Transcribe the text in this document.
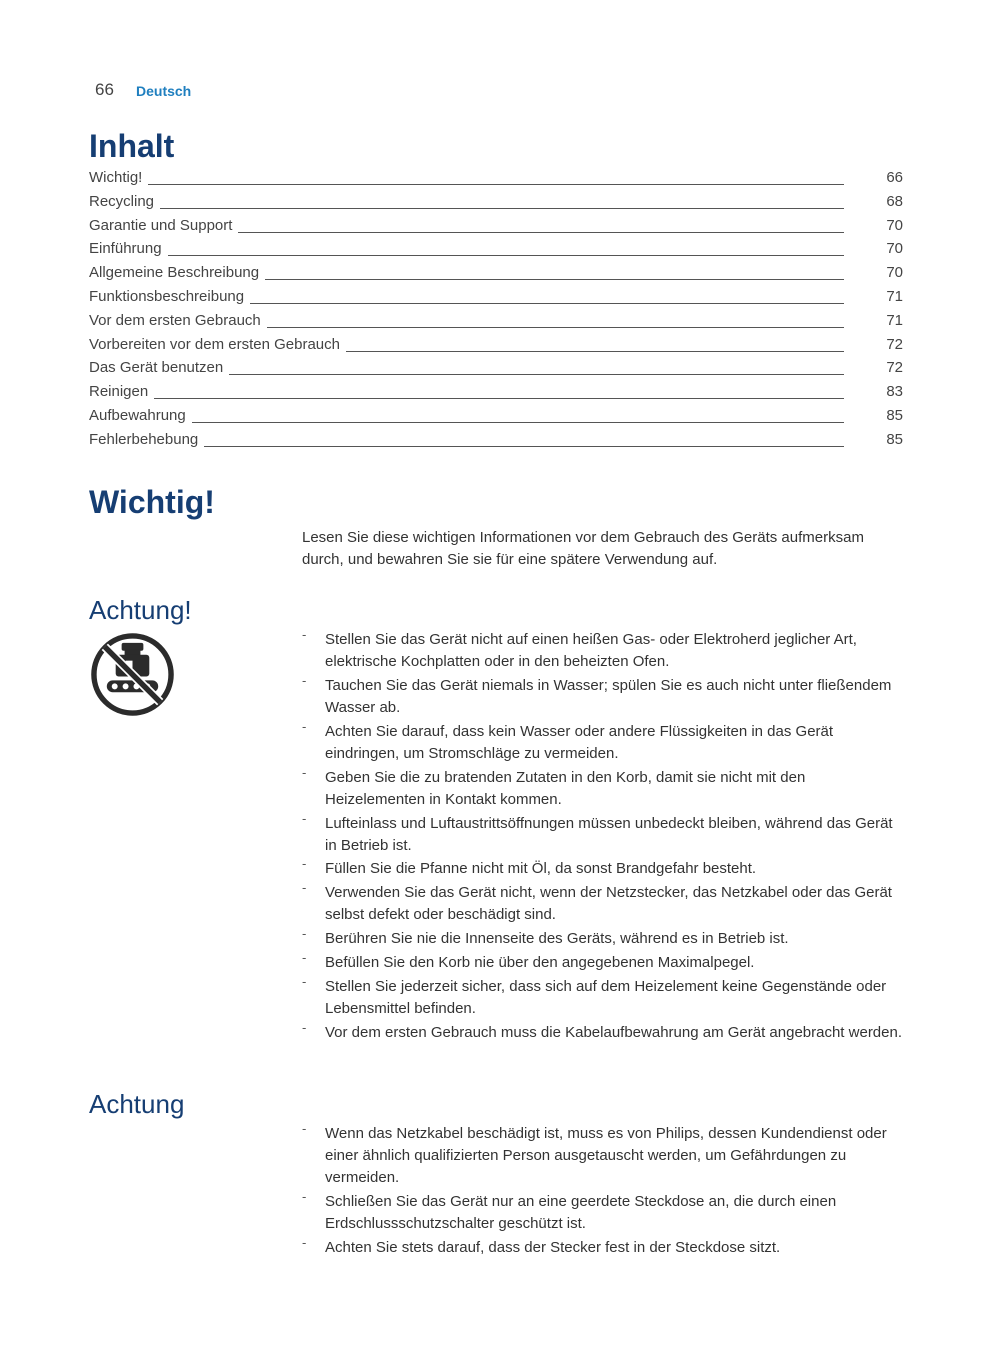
66 Deutsch
Inhalt
Wichtig!	66
Recycling	68
Garantie und Support	70
Einführung	70
Allgemeine Beschreibung	70
Funktionsbeschreibung	71
Vor dem ersten Gebrauch	71
Vorbereiten vor dem ersten Gebrauch	72
Das Gerät benutzen	72
Reinigen	83
Aufbewahrung	85
Fehlerbehebung	85
Wichtig!

Lesen Sie diese wichtigen Informationen vor dem Gebrauch des Geräts aufmerksam durch, und bewahren Sie sie für eine spätere Verwendung auf.

Achtung!
- Stellen Sie das Gerät nicht auf einen heißen Gas- oder Elektroherd jeglicher Art, elektrische Kochplatten oder in den beheizten Ofen.
- Tauchen Sie das Gerät niemals in Wasser; spülen Sie es auch nicht unter fließendem Wasser ab.
- Achten Sie darauf, dass kein Wasser oder andere Flüssigkeiten in das Gerät eindringen, um Stromschläge zu vermeiden.
- Geben Sie die zu bratenden Zutaten in den Korb, damit sie nicht mit den Heizelementen in Kontakt kommen.
- Lufteinlass und Luftaustrittsöffnungen müssen unbedeckt bleiben, während das Gerät in Betrieb ist.
- Füllen Sie die Pfanne nicht mit Öl, da sonst Brandgefahr besteht.
- Verwenden Sie das Gerät nicht, wenn der Netzstecker, das Netzkabel oder das Gerät selbst defekt oder beschädigt sind.
- Berühren Sie nie die Innenseite des Geräts, während es in Betrieb ist.
- Befüllen Sie den Korb nie über den angegebenen Maximalpegel.
- Stellen Sie jederzeit sicher, dass sich auf dem Heizelement keine Gegenstände oder Lebensmittel befinden.
- Vor dem ersten Gebrauch muss die Kabelaufbewahrung am Gerät angebracht werden.
Achtung
- Wenn das Netzkabel beschädigt ist, muss es von Philips, dessen Kundendienst oder einer ähnlich qualifizierten Person ausgetauscht werden, um Gefährdungen zu vermeiden.
- Schließen Sie das Gerät nur an eine geerdete Steckdose an, die durch einen Erdschlussschutzschalter geschützt ist.
- Achten Sie stets darauf, dass der Stecker fest in der Steckdose sitzt.
